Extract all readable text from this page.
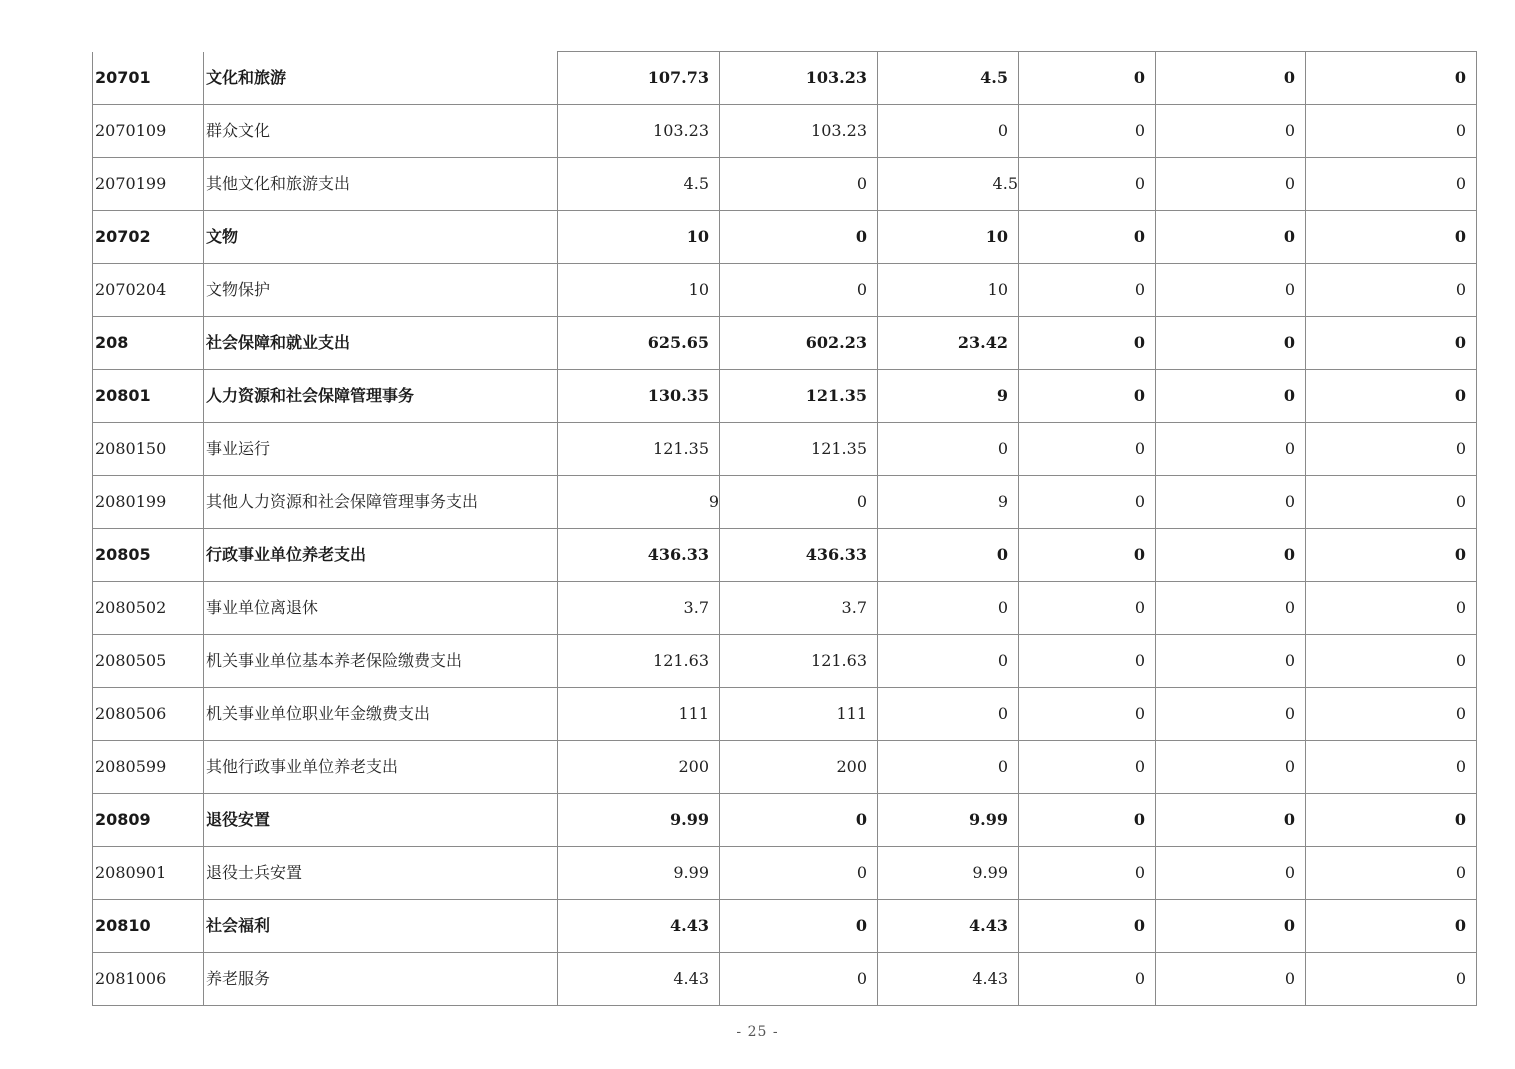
20701	文化和旅游	107.73	103.23	4.5	0	0	0
2070109	群众文化	103.23	103.23	0	0	0	0
2070199	其他文化和旅游支出	4.5	0	4.5	0	0	0
20702	文物	10	0	10	0	0	0
2070204	文物保护	10	0	10	0	0	0
208	社会保障和就业支出	625.65	602.23	23.42	0	0	0
20801	人力资源和社会保障管理事务	130.35	121.35	9	0	0	0
2080150	事业运行	121.35	121.35	0	0	0	0
2080199	其他人力资源和社会保障管理事务支出	9	0	9	0	0	0
20805	行政事业单位养老支出	436.33	436.33	0	0	0	0
2080502	事业单位离退休	3.7	3.7	0	0	0	0
2080505	机关事业单位基本养老保险缴费支出	121.63	121.63	0	0	0	0
2080506	机关事业单位职业年金缴费支出	111	111	0	0	0	0
2080599	其他行政事业单位养老支出	200	200	0	0	0	0
20809	退役安置	9.99	0	9.99	0	0	0
2080901	退役士兵安置	9.99	0	9.99	0	0	0
20810	社会福利	4.43	0	4.43	0	0	0
2081006	养老服务	4.43	0	4.43	0	0	0
- 25 -
